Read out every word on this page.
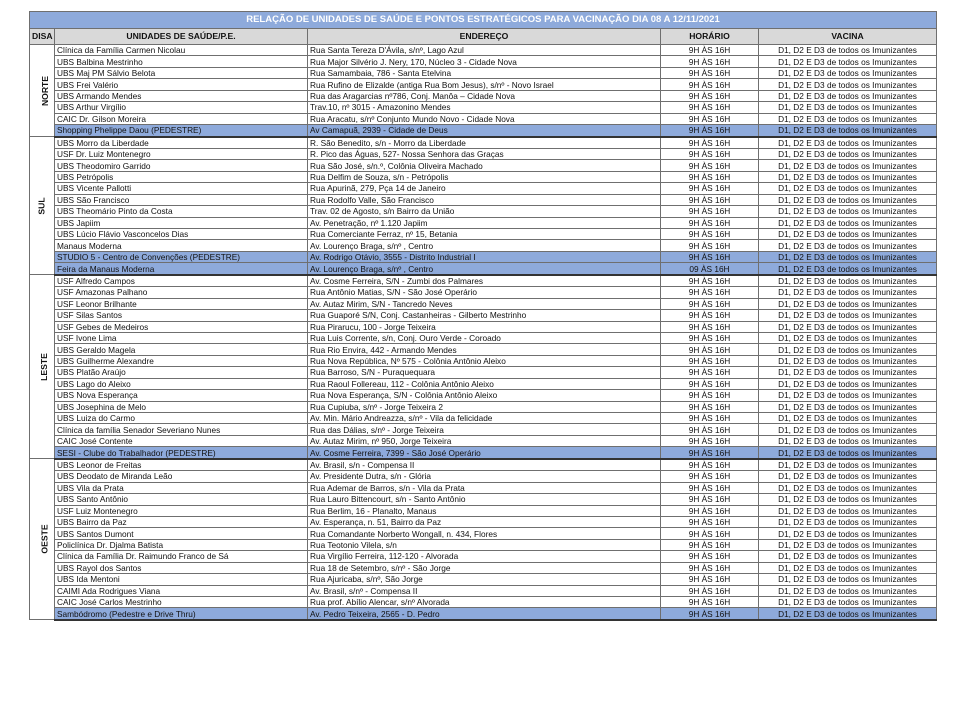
RELAÇÃO DE UNIDADES DE SAÚDE E PONTOS ESTRATÉGICOS PARA VACINAÇÃO DIA 08 A 12/11/2021				
DISA	UNIDADES DE SAÚDE/P.E.	ENDEREÇO	HORÁRIO	VACINA
NORTE	Clínica da Família Carmen Nicolau	Rua Santa Tereza D'Ávila, s/nº, Lago Azul	9H ÀS 16H	D1, D2 E D3 de todos os Imunizantes
	UBS Balbina Mestrinho	Rua Major Silvério J. Nery, 170, Núcleo 3 - Cidade Nova	9H ÀS 16H	D1, D2 E D3 de todos os Imunizantes
	UBS Maj PM Sálvio Belota	Rua Samambaia, 786 - Santa Etelvina	9H ÀS 16H	D1, D2 E D3 de todos os Imunizantes
	UBS Frei Valério	Rua Rufino de Elizalde (antiga Rua Bom Jesus), s/nº - Novo Israel	9H ÀS 16H	D1, D2 E D3 de todos os Imunizantes
	UBS Armando Mendes	Rua das Aragarcias nº786, Conj. Manôa – Cidade Nova	9H ÀS 16H	D1, D2 E D3 de todos os Imunizantes
	UBS Arthur Virgílio	Trav.10, nº 3015 - Amazonino Mendes	9H ÀS 16H	D1, D2 E D3 de todos os Imunizantes
	CAIC Dr. Gilson Moreira	Rua Aracatu, s/nº Conjunto Mundo Novo - Cidade Nova	9H ÀS 16H	D1, D2 E D3 de todos os Imunizantes
	Shopping Phelippe Daou (PEDESTRE)	Av Camapuã, 2939 - Cidade de Deus	9H ÀS 16H	D1, D2 E D3 de todos os Imunizantes
SUL	UBS Morro da Liberdade	R. São Benedito, s/n - Morro da Liberdade	9H ÀS 16H	D1, D2 E D3 de todos os Imunizantes
	USF Dr. Luiz Montenegro	R. Pico das Águas, 527- Nossa Senhora das Graças	9H ÀS 16H	D1, D2 E D3 de todos os Imunizantes
	UBS Theodomiro Garrido	Rua São José, s/n.º, Colônia Oliveira Machado	9H ÀS 16H	D1, D2 E D3 de todos os Imunizantes
	UBS Petrópolis	Rua Delfim de Souza, s/n - Petrópolis	9H ÀS 16H	D1, D2 E D3 de todos os Imunizantes
	UBS Vicente Pallotti	Rua Apurinã, 279, Pça 14 de Janeiro	9H ÀS 16H	D1, D2 E D3 de todos os Imunizantes
	UBS São Francisco	Rua Rodolfo Valle, São Francisco	9H ÀS 16H	D1, D2 E D3 de todos os Imunizantes
	UBS Theomário Pinto da Costa	Trav. 02 de Agosto, s/n Bairro da União	9H ÀS 16H	D1, D2 E D3 de todos os Imunizantes
	UBS Japiim	Av. Penetração, nº 1.120 Japiim	9H ÀS 16H	D1, D2 E D3 de todos os Imunizantes
	UBS Lúcio Flávio Vasconcelos Dias	Rua Comerciante Ferraz, nº 15, Betania	9H ÀS 16H	D1, D2 E D3 de todos os Imunizantes
	Manaus Moderna	Av. Lourenço Braga, s/nº , Centro	9H ÀS 16H	D1, D2 E D3 de todos os Imunizantes
	STUDIO 5 - Centro de Convenções (PEDESTRE)	Av. Rodrigo Otávio, 3555 - Distrito Industrial I	9H ÀS 16H	D1, D2 E D3 de todos os Imunizantes
	Feira da Manaus Moderna	Av. Lourenço Braga, s/nº , Centro	09 ÀS 16H	D1, D2 E D3 de todos os Imunizantes
LESTE	USF Alfredo Campos	Av. Cosme Ferreira, S/N - Zumbi dos Palmares	9H ÀS 16H	D1, D2 E D3 de todos os Imunizantes
	USF Amazonas Palhano	Rua Antônio Matias, S/N - São José Operário	9H ÀS 16H	D1, D2 E D3 de todos os Imunizantes
	USF Leonor Brilhante	Av. Autaz Mirim, S/N - Tancredo Neves	9H ÀS 16H	D1, D2 E D3 de todos os Imunizantes
	USF Silas Santos	Rua Guaporé S/N, Conj. Castanheiras - Gilberto Mestrinho	9H ÀS 16H	D1, D2 E D3 de todos os Imunizantes
	USF Gebes de Medeiros	Rua Pirarucu, 100 - Jorge Teixeira	9H ÀS 16H	D1, D2 E D3 de todos os Imunizantes
	USF Ivone Lima	Rua Luis Corrente, s/n, Conj. Ouro Verde - Coroado	9H ÀS 16H	D1, D2 E D3 de todos os Imunizantes
	UBS Geraldo Magela	Rua Rio Envira, 442 - Armando Mendes	9H ÀS 16H	D1, D2 E D3 de todos os Imunizantes
	UBS Guilherme Alexandre	Rua Nova República, Nº 575 - Colônia Antônio Aleixo	9H ÀS 16H	D1, D2 E D3 de todos os Imunizantes
	UBS Platão Araújo	Rua Barroso, S/N - Puraquequara	9H ÀS 16H	D1, D2 E D3 de todos os Imunizantes
	UBS Lago do Aleixo	Rua Raoul Follereau, 112 - Colônia Antônio Aleixo	9H ÀS 16H	D1, D2 E D3 de todos os Imunizantes
	UBS Nova Esperança	Rua Nova Esperança, S/N - Colônia Antônio Aleixo	9H ÀS 16H	D1, D2 E D3 de todos os Imunizantes
	UBS Josephina de Melo	Rua Cupiuba, s/nº - Jorge Teixeira 2	9H ÀS 16H	D1, D2 E D3 de todos os Imunizantes
	UBS Luiza do Carmo	Av. Min. Mário Andreazza, s/nº - Vila da felicidade	9H ÀS 16H	D1, D2 E D3 de todos os Imunizantes
	Clínica da família Senador Severiano Nunes	Rua das Dálias, s/nº - Jorge Teixeira	9H ÀS 16H	D1, D2 E D3 de todos os Imunizantes
	CAIC José Contente	Av. Autaz Mirim, nº 950, Jorge Teixeira	9H ÀS 16H	D1, D2 E D3 de todos os Imunizantes
	SESI - Clube do Trabalhador (PEDESTRE)	Av. Cosme Ferreira, 7399 - São José Operário	9H ÀS 16H	D1, D2 E D3 de todos os Imunizantes
OESTE	UBS Leonor de Freitas	Av. Brasil, s/n - Compensa II	9H ÀS 16H	D1, D2 E D3 de todos os Imunizantes
	UBS Deodato de Miranda Leão	Av. Presidente Dutra, s/n - Glória	9H ÀS 16H	D1, D2 E D3 de todos os Imunizantes
	UBS Vila da Prata	Rua Ademar de Barros, s/n - Vila da Prata	9H ÀS 16H	D1, D2 E D3 de todos os Imunizantes
	UBS Santo Antônio	Rua Lauro Bittencourt, s/n - Santo Antônio	9H ÀS 16H	D1, D2 E D3 de todos os Imunizantes
	USF Luiz Montenegro	Rua Berlim, 16 - Planalto, Manaus	9H ÀS 16H	D1, D2 E D3 de todos os Imunizantes
	UBS Bairro da Paz	Av. Esperança, n. 51, Bairro da Paz	9H ÀS 16H	D1, D2 E D3 de todos os Imunizantes
	UBS Santos Dumont	Rua Comandante Norberto Wongall, n. 434, Flores	9H ÀS 16H	D1, D2 E D3 de todos os Imunizantes
	Policlínica Dr. Djalma Batista	Rua Teotonio Vilela, s/n	9H ÀS 16H	D1, D2 E D3 de todos os Imunizantes
	Clínica da Família Dr. Raimundo Franco de Sá	Rua Virgílio Ferreira, 112-120 - Alvorada	9H ÀS 16H	D1, D2 E D3 de todos os Imunizantes
	UBS Rayol dos Santos	Rua 18 de Setembro, s/nº - São Jorge	9H ÀS 16H	D1, D2 E D3 de todos os Imunizantes
	UBS Ida Mentoni	Rua Ajuricaba, s/nº, São Jorge	9H ÀS 16H	D1, D2 E D3 de todos os Imunizantes
	CAIMI Ada Rodrigues Viana	Av. Brasil, s/nº - Compensa II	9H ÀS 16H	D1, D2 E D3 de todos os Imunizantes
	CAIC José Carlos Mestrinho	Rua prof. Abílio Alencar, s/nº Alvorada	9H ÀS 16H	D1, D2 E D3 de todos os Imunizantes
	Sambódromo (Pedestre e Drive Thru)	Av. Pedro Teixeira, 2565 - D. Pedro	9H ÀS 16H	D1, D2 E D3 de todos os Imunizantes
